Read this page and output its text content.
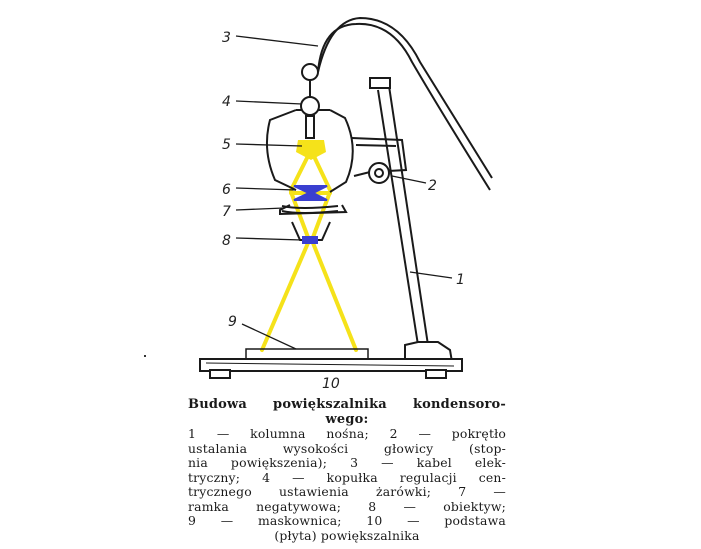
3
4
5
6
7
8
9
2
1
10
Budowa powiększalnika kondensoro-
wego:
1 — kolumna nośna; 2 — pokrętło
ustalania wysokości głowicy (stop-
nia powiększenia); 3 — kabel elek-
tryczny; 4 — kopułka regulacji cen-
trycznego ustawienia żarówki; 7 —
ramka negatywowa; 8 — obiektyw;
9 — maskownica; 10 — podstawa
(płyta) powiększalnika
